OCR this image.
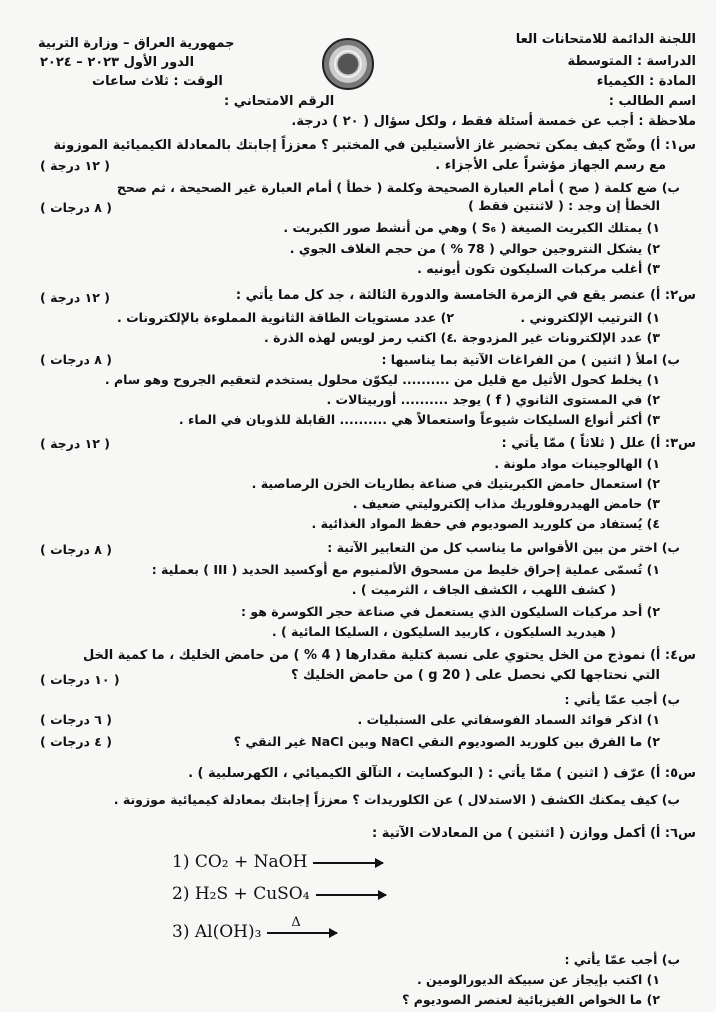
اللجنة الدائمة للامتحانات العا
الدراسة : المتوسطة
المادة : الكيمياء
اسم الطالب :
جمهورية العراق – وزارة التربية
الدور الأول ٢٠٢٣ – ٢٠٢٤
الوقت : ثلاث ساعات
الرقم الامتحاني :
ملاحظة : أجب عن خمسة أسئلة فقط ، ولكل سؤال ( ٢٠ ) درجة.
س١: أ) وضّح كيف يمكن تحضير غاز الأستيلين في المختبر ؟ معززاً إجابتك بالمعادلة الكيميائية الموزونة
مع رسم الجهاز مؤشراً على الأجزاء .
( ١٢ درجة )
ب) ضع كلمة ( صح ) أمام العبارة الصحيحة وكلمة ( خطأ ) أمام العبارة غير الصحيحة ، ثم صحح
الخطأ إن وجد : ( لاثنتين فقط )
( ٨ درجات )
١) يمتلك الكبريت الصيغة ( S₆ ) وهي من أنشط صور الكبريت .
٢) يشكل النتروجين حوالي ( 78 % ) من حجم الغلاف الجوي .
٣) أغلب مركبات السليكون تكون أيونيه .
س٢: أ) عنصر يقع في الزمرة الخامسة والدورة الثالثة ، جد كل مما يأتي :
( ١٢ درجة )
١) الترتيب الإلكتروني .
٢) عدد مستويات الطاقة الثانوية المملوءة بالإلكترونات .
٣) عدد الإلكترونات غير المزدوجة .
٤) اكتب رمز لويس لهذه الذرة .
ب) املأ ( اثنين ) من الفراغات الآتية بما يناسبها :
( ٨ درجات )
١) يخلط كحول الأثيل مع قليل من .......... ليكوّن محلول يستخدم لتعقيم الجروح وهو سام .
٢) في المستوى الثانوي ( f ) يوجد .......... أوربيتالات .
٣) أكثر أنواع السليكات شيوعاً واستعمالاً هي .......... القابلة للذوبان في الماء .
س٣: أ) علل ( ثلاثاً ) ممّا يأتي :
( ١٢ درجة )
١) الهالوجينات مواد ملونة .
٢) استعمال حامض الكبريتيك في صناعة بطاريات الخزن الرصاصية .
٣) حامض الهيدروفلوريك مذاب إلكتروليتي ضعيف .
٤) يُستفاد من كلوريد الصوديوم في حفظ المواد الغذائية .
ب) اختر من بين الأقواس ما يناسب كل من التعابير الآتية :
( ٨ درجات )
١) تُسمّى عملية إحراق خليط من مسحوق الألمنيوم مع أوكسيد الحديد ( III ) بعملية :
( كشف اللهب ، الكشف الجاف ، الثرميت ) .
٢) أحد مركبات السليكون الذي يستعمل في صناعة حجر الكوسرة هو :
( هيدريد السليكون ، كاربيد السليكون ، السليكا المائية ) .
س٤: أ) نموذج من الخل يحتوي على نسبة كتلية مقدارها ( 4 % ) من حامض الخليك ، ما كمية الخل
التي نحتاجها لكي نحصل على ( 20 g ) من حامض الخليك ؟
( ١٠ درجات )
ب) أجب عمّا يأتي :
١) اذكر فوائد السماد الفوسفاتي على السنبليات .
( ٦ درجات )
٢) ما الفرق بين كلوريد الصوديوم النقي NaCl وبين NaCl غير النقي ؟
( ٤ درجات )
س٥: أ) عرّف ( اثنين ) ممّا يأتي : ( البوكسايت ، التآلق الكيميائي ، الكهرسلبية ) .
ب) كيف يمكنك الكشف ( الاستدلال ) عن الكلوريدات ؟ معززاً إجابتك بمعادلة كيميائية موزونة .
س٦: أ) أكمل ووازن ( اثنتين ) من المعادلات الآتية :
1) CO₂ + NaOH
2) H₂S + CuSO₄
3) Al(OH)₃ Δ
ب) أجب عمّا يأتي :
١) اكتب بإيجاز عن سبيكة الديورالومين .
٢) ما الخواص الفيزيائية لعنصر الصوديوم ؟
